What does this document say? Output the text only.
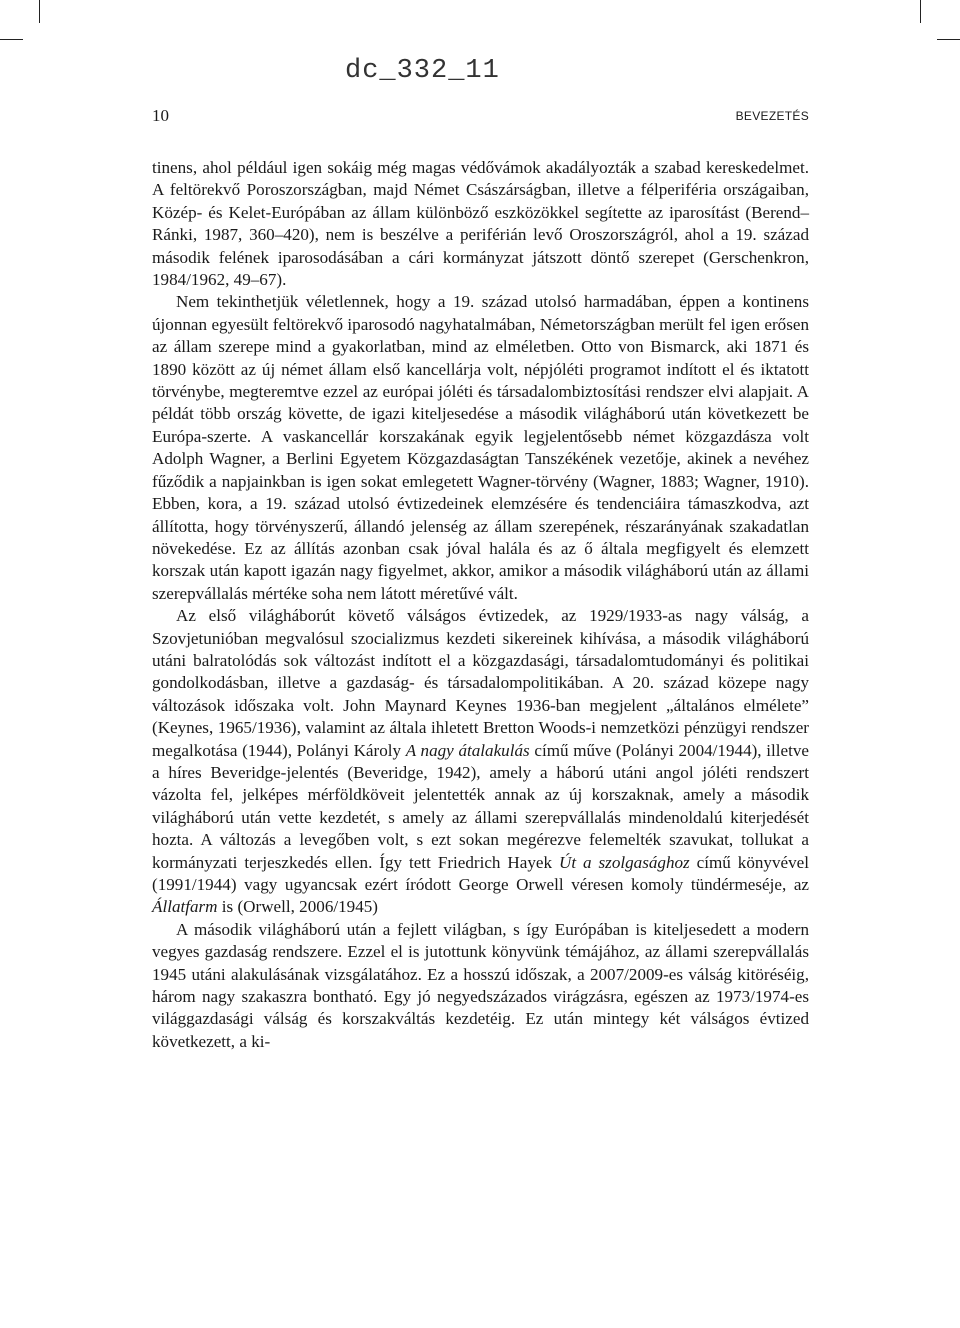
dc_332_11
10	BEVEZETÉS

tinens, ahol például igen sokáig még magas védővámok akadályozták a szabad kereskedelmet. A feltörekvő Poroszországban, majd Német Császárságban, illetve a félperiféria országaiban, Közép- és Kelet-Európában az állam különböző eszközökkel segítette az iparosítást (Berend–Ránki, 1987, 360–420), nem is beszélve a periférián levő Oroszországról, ahol a 19. század második felének iparosodásában a cári kormányzat játszott döntő szerepet (Gerschenkron, 1984/1962, 49–67).

Nem tekinthetjük véletlennek, hogy a 19. század utolsó harmadában, éppen a kontinens újonnan egyesült feltörekvő iparosodó nagyhatalmában, Németországban merült fel igen erősen az állam szerepe mind a gyakorlatban, mind az elméletben. Otto von Bismarck, aki 1871 és 1890 között az új német állam első kancellárja volt, népjóléti programot indított el és iktatott törvénybe, megteremtve ezzel az európai jóléti és társadalombiztosítási rendszer elvi alapjait. A példát több ország követte, de igazi kiteljesedése a második világháború után következett be Európa-szerte. A vaskancellár korszakának egyik legjelentősebb német közgazdásza volt Adolph Wagner, a Berlini Egyetem Közgazdaságtan Tanszékének vezetője, akinek a nevéhez fűződik a napjainkban is igen sokat emlegetett Wagner-törvény (Wagner, 1883; Wagner, 1910). Ebben, kora, a 19. század utolsó évtizedeinek elemzésére és tendenciáira támaszkodva, azt állította, hogy törvényszerű, állandó jelenség az állam szerepének, részarányának szakadatlan növekedése. Ez az állítás azonban csak jóval halála és az ő általa megfigyelt és elemzett korszak után kapott igazán nagy figyelmet, akkor, amikor a második világháború után az állami szerepvállalás mértéke soha nem látott méretűvé vált.

Az első világháborút követő válságos évtizedek, az 1929/1933-as nagy válság, a Szovjetunióban megvalósul szocializmus kezdeti sikereinek kihívása, a második világháború utáni balratolódás sok változást indított el a közgazdasági, társadalomtudományi és politikai gondolkodásban, illetve a gazdaság- és társadalompolitikában. A 20. század közepe nagy változások időszaka volt. John Maynard Keynes 1936-ban megjelent „általános elmélete” (Keynes, 1965/1936), valamint az általa ihletett Bretton Woods-i nemzetközi pénzügyi rendszer megalkotása (1944), Polányi Károly A nagy átalakulás című műve (Polányi 2004/1944), illetve a híres Beveridge-jelentés (Beveridge, 1942), amely a háború utáni angol jóléti rendszert vázolta fel, jelképes mérföldköveit jelentették annak az új korszaknak, amely a második világháború után vette kezdetét, s amely az állami szerepvállalás mindenoldalú kiterjedését hozta. A változás a levegőben volt, s ezt sokan megérezve felemelték szavukat, tollukat a kormányzati terjeszkedés ellen. Így tett Friedrich Hayek Út a szolgasághoz című könyvével (1991/1944) vagy ugyancsak ezért íródott George Orwell véresen komoly tündérmeséje, az Állatfarm is (Orwell, 2006/1945)

A második világháború után a fejlett világban, s így Európában is kiteljesedett a modern vegyes gazdaság rendszere. Ezzel el is jutottunk könyvünk témájához, az állami szerepvállalás 1945 utáni alakulásának vizsgálatához. Ez a hosszú időszak, a 2007/2009-es válság kitöréséig, három nagy szakaszra bontható. Egy jó negyedszázados virágzásra, egészen az 1973/1974-es világgazdasági válság és korszakváltás kezdetéig. Ez után mintegy két válságos évtized következett, a ki-
